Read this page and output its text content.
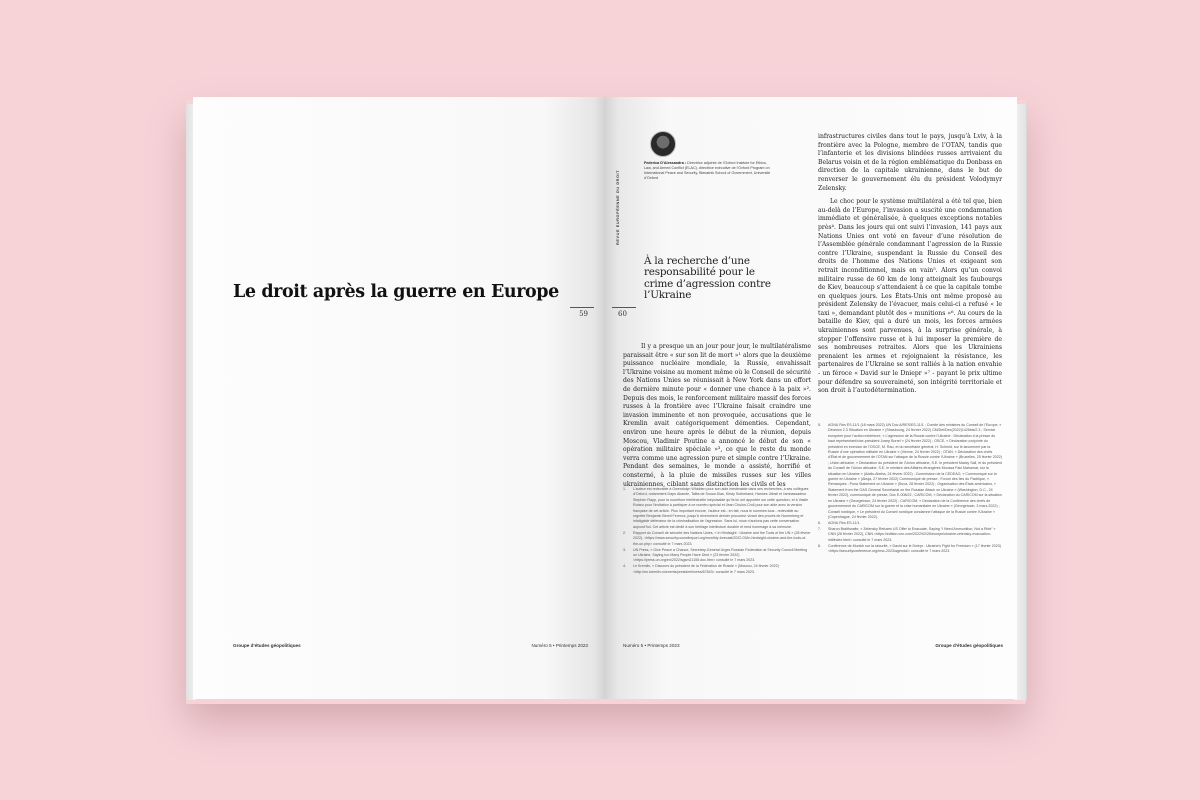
Le droit après la guerre en Europe
59
Groupe d’études géopolitiques	Numéro 5 • Printemps 2023
REVUE EUROPÉENNE DU DROIT
Federica D’Alessandra • Directrice adjointe de l’Oxford Institute for Ethics, Law, and Armed Conflict (ELAC), directrice exécutive de l’Oxford Program on International Peace and Security, Blavatnik School of Government, Université d’Oxford
À la recherche d’une responsabilité pour le crime d’agression contre l’Ukraine
60

Il y a presque un an jour pour jour, le multilatéralisme paraissait être « sur son lit de mort »¹ alors que la deuxième puissance nucléaire mondiale, la Russie, envahissait l’Ukraine voisine au moment même où le Conseil de sécurité des Nations Unies se réunissait à New York dans un effort de dernière minute pour « donner une chance à la paix »². Depuis des mois, le renforcement militaire massif des forces russes à la frontière avec l’Ukraine faisait craindre une invasion imminente et non provoquée, accusations que le Kremlin avait catégoriquement démenties. Cependant, environ une heure après le début de la réunion, depuis Moscou, Vladimir Poutine a annoncé le début de son « opération militaire spéciale »³, ce que le reste du monde verra comme une agression pure et simple contre l’Ukraine. Pendant des semaines, le monde a assisté, horrifié et consterné, à la pluie de missiles russes sur les villes ukrainiennes, ciblant sans distinction les civils et les

infrastructures civiles dans tout le pays, jusqu’à Lviv, à la frontière avec la Pologne, membre de l’OTAN, tandis que l’infanterie et les divisions blindées russes arrivaient du Belarus voisin et de la région emblématique du Donbass en direction de la capitale ukrainienne, dans le but de renverser le gouvernement élu du président Volodymyr Zelensky.

Le choc pour le système multilatéral a été tel que, bien au-delà de l’Europe, l’invasion a suscité une condamnation immédiate et généralisée, à quelques exceptions notables près⁴. Dans les jours qui ont suivi l’invasion, 141 pays aux Nations Unies ont voté en faveur d’une résolution de l’Assemblée générale condamnant l’agression de la Russie contre l’Ukraine, suspendant la Russie du Conseil des droits de l’homme des Nations Unies et exigeant son retrait inconditionnel, mais en vain⁵. Alors qu’un convoi militaire russe de 60 km de long atteignait les faubourgs de Kiev, beaucoup s’attendaient à ce que la capitale tombe en quelques jours. Les États-Unis ont même proposé au président Zelensky de l’évacuer, mais celui-ci a refusé « le taxi », demandant plutôt des « munitions »⁶. Au cours de la bataille de Kiev, qui a duré un mois, les forces armées ukrainiennes sont parvenues, à la surprise générale, à stopper l’offensive russe et à lui imposer la première de ses nombreuses retraites. Alors que les Ukrainiens prenaient les armes et rejoignaient la résistance, les partenaires de l’Ukraine se sont ralliés à la nation envahie - un féroce « David sur le Dniepr »⁷ - payant le prix ultime pour défendre sa souveraineté, son intégrité territoriale et son droit à l’autodétermination.

1.	L’auteur est redevable à Gwendolyn Whidden pour son aide inestimable dans ses recherches, à ses collègues d’Oxford, notamment Dapo Akande, Talita de Souza Dias, Kirsty Sutherland, Hannes Jöbstl et l’ambassadeur Stephen Rapp, pour la nourriture intellectuelle inépuisable qu’ils lui ont apportée sur cette question, et à Vasile Rotaru pour l’invitation à participer à ce numéro spécial et Jean Chulon-Croll pour son aide avec la version française de cet article. Plus important encore, l’auteur est - en fait, nous le sommes tous - redevable au regretté Benjamin Berell Ferencz, jusqu’à récemment dernier procureur vivant des procès de Nuremberg et infatigable défenseur de la criminalisation de l’agression. Sans lui, nous n’aurions pas cette conversation aujourd’hui. Cet article est dédié à son héritage intellectuel durable et rend hommage à sa mémoire.
2.	Rapport du Conseil de sécurité des Nations Unies, « In Hindsight : Ukraine and the Tools of the UN » (28 février 2022), <https://www.securitycouncilreport.org/monthly-forecast/2022-03/in-hindsight-ukraine-and-the-tools-of-the-un.php> consulté le 7 mars 2023.
3.	UN Press, « Give Peace a Chance, Secretary-General Urges Russian Federation at Security Council Meeting on Ukraine, Saying too Many People Have Died » (23 février 2022) <https://press.un.org/en/2022/sgsm21155.doc.htm> consulté le 7 mars 2023.
4.	Le Kremlin, « Discours du président de la Fédération de Russie » (Moscou, 24 février 2022) <http://en.kremlin.ru/events/president/news/67843> consulté le 7 mars 2023.
5.	AGNU Res ES-11/1 (18 mars 2022) UN Doc A/RES/ES-11/1 ; Comité des ministres du Conseil de l’Europe, « Décision 2.3 Situation en Ukraine » (Strasbourg, 24 février 2022) CM/Del/Dec(2022)1426bis/2.3 ; Service européen pour l’action extérieure, « L’agression de la Russie contre l’Ukraine : Déclaration à la presse du haut représentant/vice-président Josep Borrel » (24 février 2022) ; OSCE, « Déclaration conjointe du président en exercice de l’OSCE, M. Rau, et du secrétaire général, H. Schmid, sur le lancement par la Russie d’une opération militaire en Ukraine » (Vienne, 24 février 2022) ; OTAN, « Déclaration des chefs d’État et de gouvernement de l’OTAN sur l’attaque de la Russie contre l’Ukraine » (Bruxelles, 25 février 2022) ; Union africaine, « Déclaration du président de l’Union africaine, S.E. le président Macky Sall, et du président du Conseil de l’Union africaine, S.E. le ministre des Affaires étrangères Moussa Faki Mahamat, sur la situation en Ukraine » (Addis-Abeba, 24 février 2022) ; Commission de la CEDEAO, « Communiqué sur la guerre en Ukraine » (Abuja, 27 février 2022) Communiqué de presse ; Forum des îles du Pacifique, « Remarques : Puna Statement on Ukraine » (Suva, 28 février 2022) ; Organisation des États américains, « Statement from the OAS General Secretariat on the Russian Attack on Ukraine » (Washington, D.C., 24 février 2022), communiqué de presse, Doc E-008/22 ; CARICOM, « Déclaration du CARICOM sur la situation en Ukraine » (Georgetown, 24 février 2022) ; CARICOM, « Déclaration de la Conférence des chefs de gouvernement du CARICOM sur la guerre et la crise humanitaire en Ukraine » (Georgetown, 3 mars 2022) ; Conseil nordique, « Le président du Conseil nordique condamne l’attaque de la Russie contre l’Ukraine » (Copenhague, 24 février 2022).
6.	AGNU Res ES-11/1.
7.	Sharon Braithwaite, « Zelensky Refuses US Offer to Evacuate, Saying “I Need Ammunition, Not a Ride” » CNN (26 février 2022), CNN <https://edition.cnn.com/2022/02/26/europe/ukraine-zelensky-evacuation-intl/index.html> consulté le 7 mars 2023.
8.	Conférence de Munich sur la sécurité, « David sur le Dniepr : Ukraine’s Fight for Freedom » (17 février 2023) <https://securityconference.org/msc-2023/agenda/> consulté le 7 mars 2023.
Numéro 5 • Printemps 2023	Groupe d’études géopolitiques
